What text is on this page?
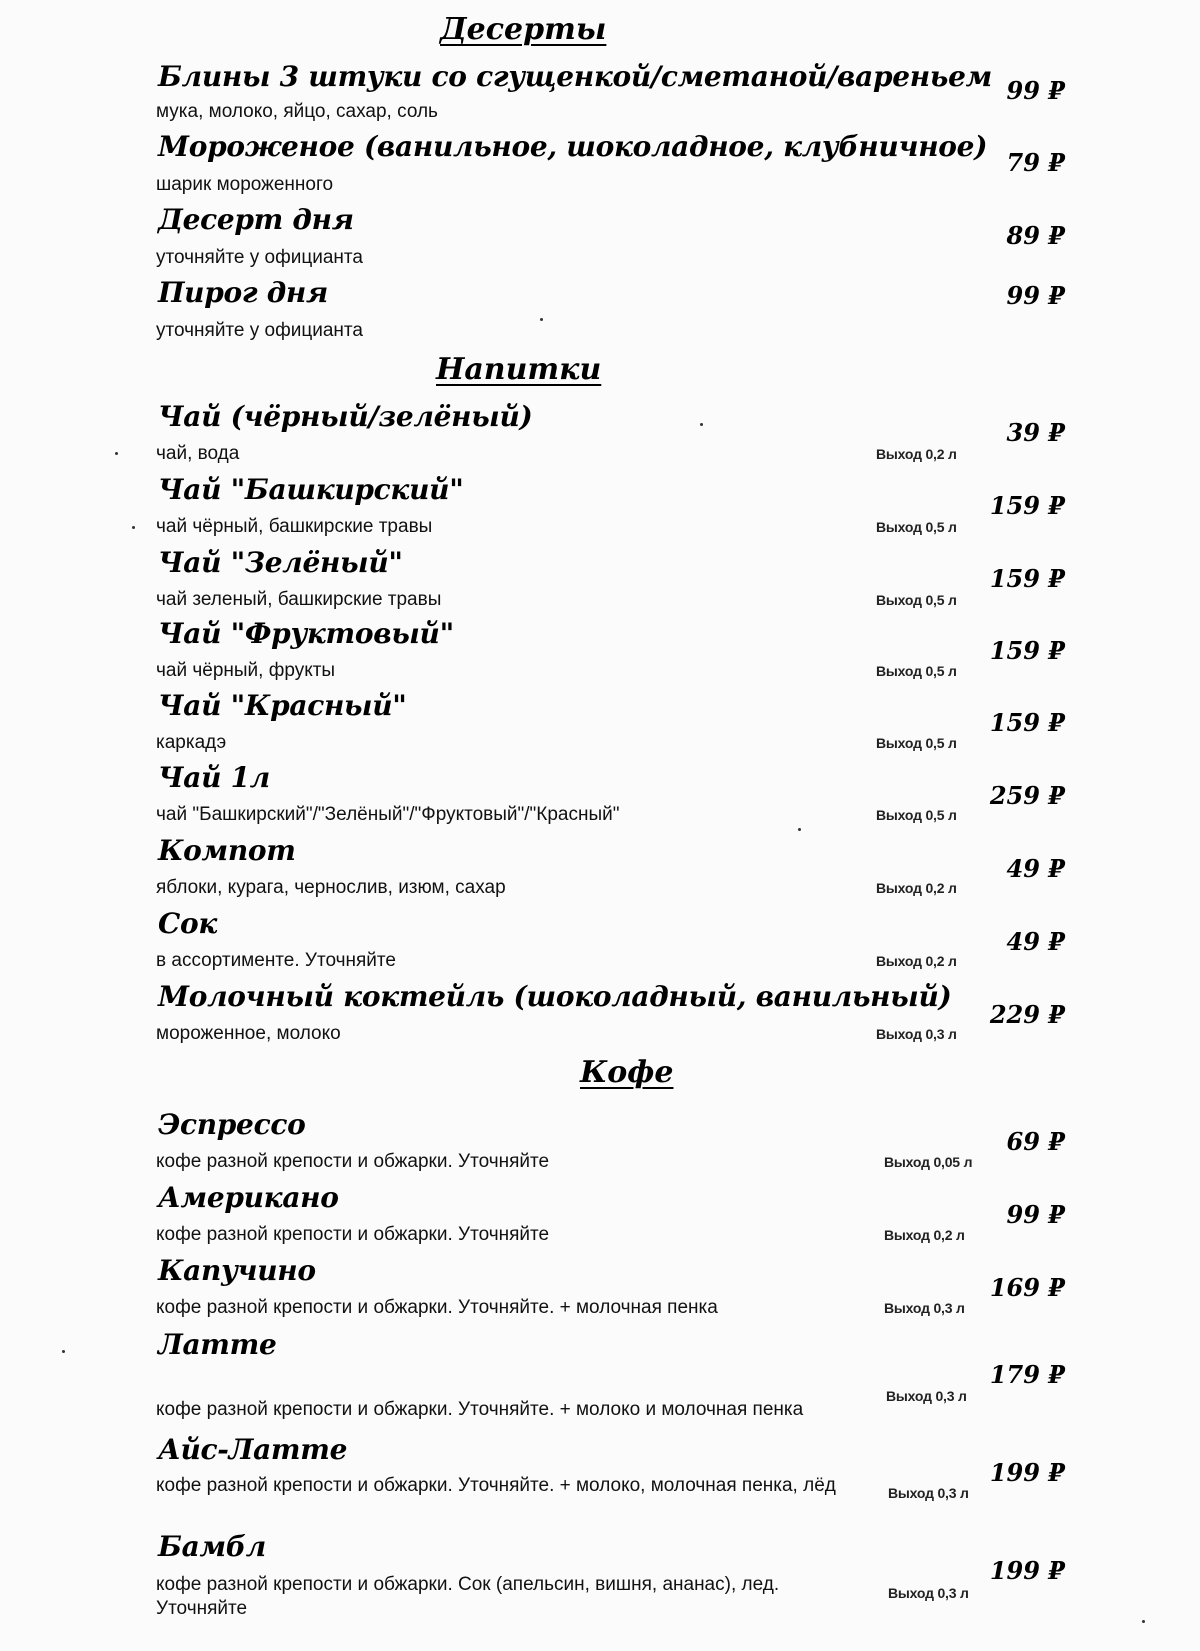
Десерты
Блины 3 штуки со сгущенкой/сметаной/вареньем
мука, молоко, яйцо, сахар, соль
99 ₽
Мороженое (ванильное, шоколадное, клубничное)
шарик мороженного
79 ₽
Десерт дня
уточняйте у официанта
89 ₽
Пирог дня
уточняйте у официанта
99 ₽
Напитки
Чай (чёрный/зелёный)
чай, вода	Выход 0,2 л
39 ₽
Чай "Башкирский"
чай чёрный, башкирские травы	Выход 0,5 л
159 ₽
Чай "Зелёный"
чай зеленый, башкирские травы	Выход 0,5 л
159 ₽
Чай "Фруктовый"
чай чёрный, фрукты	Выход 0,5 л
159 ₽
Чай "Красный"
каркадэ	Выход 0,5 л
159 ₽
Чай 1л
чай "Башкирский"/"Зелёный"/"Фруктовый"/"Красный"	Выход 0,5 л
259 ₽
Компот
яблоки, курага, чернослив, изюм, сахар	Выход 0,2 л
49 ₽
Сок
в ассортименте. Уточняйте	Выход 0,2 л
49 ₽
Молочный коктейль (шоколадный, ванильный)
мороженное, молоко	Выход 0,3 л
229 ₽
Кофе
Эспрессо
кофе разной крепости и обжарки. Уточняйте	Выход 0,05 л
69 ₽
Американо
кофе разной крепости и обжарки. Уточняйте	Выход 0,2 л
99 ₽
Капучино
кофе разной крепости и обжарки. Уточняйте. + молочная пенка	Выход 0,3 л
169 ₽
Латте
кофе разной крепости и обжарки. Уточняйте. + молоко и молочная пенка
Выход 0,3 л
179 ₽
Айс-Латте
кофе разной крепости и обжарки. Уточняйте. + молоко, молочная пенка, лёд	Выход 0,3 л
199 ₽
Бамбл
кофе разной крепости и обжарки. Сок (апельсин, вишня, ананас), лед. Уточняйте
Выход 0,3 л
199 ₽
